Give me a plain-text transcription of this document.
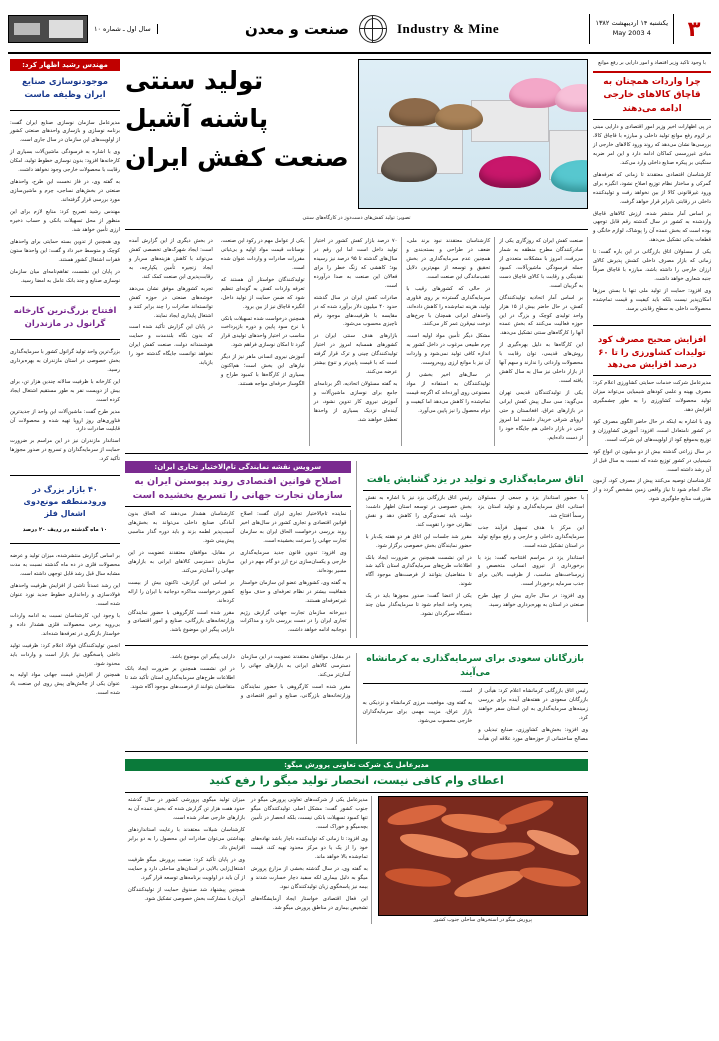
۳
یکشنبه ۱۴ اردیبهشت ۱۳۸۲
4 May 2003
Industry & Mine
صنعت و معدن
سال اول ـ شماره ۱۰
با وجود تاکید وزیر اقتصاد و امور دارایی بر رفع موانع
چرا واردات همچنان به قاچاق کالاهای خارجی ادامه می‌دهند

در پی اظهارات اخیر وزیر امور اقتصادی و دارایی مبنی بر لزوم رفع موانع تولید داخلی و مبارزه با قاچاق کالا، بررسی‌ها نشان می‌دهد که روند ورود کالاهای خارجی از مبادی غیررسمی کماکان ادامه دارد و این امر ضربه سنگینی بر پیکره صنایع داخلی وارد می‌کند.

کارشناسان اقتصادی معتقدند تا زمانی که تعرفه‌های گمرکی و ساختار نظام توزیع اصلاح نشود، انگیزه برای ورود غیرقانونی کالا از بین نخواهد رفت و تولیدکننده داخلی در رقابتی نابرابر قرار خواهد گرفت.

بر اساس آمار منتشر شده، ارزش کالاهای قاچاق واردشده به کشور در سال گذشته رقم قابل توجهی بوده است که بخش عمده آن را پوشاک، لوازم خانگی و قطعات یدکی تشکیل می‌دهد.

یکی از مسئولان اتاق بازرگانی در این باره گفت: تا زمانی که بازار مصرف داخلی کشش پذیرش کالای ارزان خارجی را داشته باشد، مبارزه با قاچاق صرفاً جنبه شعاری خواهد داشت.

وی افزود: حمایت از تولید ملی تنها با بستن مرزها امکان‌پذیر نیست بلکه باید کیفیت و قیمت تمام‌شده محصولات داخلی به سطح رقابتی برسد.

افزایش صحیح مصرف کود تولیدات کشاورزی را تا ۶۰ درصد افزایش می‌دهد

مدیرعامل شرکت خدمات حمایتی کشاورزی اعلام کرد: مصرف بهینه و علمی کودهای شیمیایی می‌تواند میزان تولید محصولات کشاورزی را به طور چشمگیری افزایش دهد.

وی با اشاره به اینکه در حال حاضر الگوی مصرف کود در کشور نامتعادل است، افزود: آموزش کشاورزان و توزیع به‌موقع کود از اولویت‌های این شرکت است.

در سال زراعی گذشته بیش از دو میلیون تن انواع کود شیمیایی در کشور توزیع شده که نسبت به سال قبل از آن رشد داشته است.

کارشناسان توصیه می‌کنند پیش از مصرف کود، آزمون خاک انجام شود تا نیاز واقعی زمین مشخص گردد و از هدررفت منابع جلوگیری شود.

تولید سنتی
پاشنه آشیل
صنعت کفش ایران
تصویر: تولید کفش‌های دست‌دوز در کارگاه‌های سنتی

صنعت کفش ایران که روزگاری یکی از صادرکنندگان مطرح منطقه به شمار می‌رفت، امروز با مشکلات متعددی از جمله فرسودگی ماشین‌آلات، کمبود نقدینگی و رقابت با کالای قاچاق دست به گریبان است.

بر اساس آمار اتحادیه تولیدکنندگان کفش، در حال حاضر بیش از ۱۵ هزار واحد تولیدی کوچک و بزرگ در این حوزه فعالیت می‌کنند که بخش عمده آنها را کارگاه‌های سنتی تشکیل می‌دهد.

این کارگاه‌ها به دلیل بهره‌گیری از روش‌های قدیمی، توان رقابت با محصولات وارداتی را ندارند و سهم آنها از بازار داخلی نیز سال به سال کاهش یافته است.

یکی از تولیدکنندگان قدیمی تهران می‌گوید: سی سال پیش کفش ایرانی در بازارهای عراق، افغانستان و حتی اروپای شرقی خریدار داشت اما امروز حتی در بازار داخلی هم جایگاه خود را از دست داده‌ایم.

کارشناسان معتقدند نبود برند ملی، ضعف در طراحی و بسته‌بندی و همچنین عدم سرمایه‌گذاری در بخش تحقیق و توسعه از مهم‌ترین دلایل عقب‌ماندگی این صنعت است.

در حالی که کشورهای رقیب با سرمایه‌گذاری گسترده بر روی فناوری تولید، هزینه تمام‌شده را کاهش داده‌اند، واحدهای ایرانی همچنان با چرخ‌های دوخت نیم‌قرن عمر کار می‌کنند.

مشکل دیگر تأمین مواد اولیه است. چرم طبیعی مرغوب در داخل کشور به اندازه کافی تولید نمی‌شود و واردات آن نیز با موانع ارزی روبه‌روست.

در سال‌های اخیر بخشی از تولیدکنندگان به استفاده از مواد مصنوعی روی آورده‌اند که اگرچه قیمت تمام‌شده را کاهش می‌دهد اما کیفیت و دوام محصول را نیز پایین می‌آورد.

۷۰ درصد بازار کفش کشور در اختیار تولید داخل است اما این رقم در سال‌های گذشته تا ۹۵ درصد نیز رسیده بود؛ کاهشی که زنگ خطر را برای فعالان این صنعت به صدا درآورده است.

صادرات کفش ایران در سال گذشته حدود ۴۰ میلیون دلار برآورد شده که در مقایسه با ظرفیت‌های موجود رقم ناچیزی محسوب می‌شود.

بازارهای هدف سنتی ایران در کشورهای همسایه امروز در اختیار تولیدکنندگان چینی و ترک قرار گرفته است که با قیمت پایین‌تر و تنوع بیشتر عرضه می‌کنند.

به گفته مسئولان اتحادیه، اگر برنامه‌ای جامع برای نوسازی ماشین‌آلات و آموزش نیروی کار تدوین نشود، در آینده‌ای نزدیک بسیاری از واحدها تعطیل خواهند شد.

یکی از عوامل مهم در رکود این صنعت، نوسانات قیمت مواد اولیه و بی‌ثباتی مقررات صادرات و واردات عنوان شده است.

تولیدکنندگان خواستار آن هستند که تعرفه واردات کفش به گونه‌ای تنظیم شود که ضمن حمایت از تولید داخل، انگیزه قاچاق نیز از بین برود.

همچنین درخواست شده تسهیلات بانکی با نرخ سود پایین و دوره بازپرداخت مناسب در اختیار واحدهای تولیدی قرار گیرد تا امکان نوسازی فراهم شود.

آموزش نیروی انسانی ماهر نیز از دیگر نیازهای این بخش است؛ هم‌اکنون بسیاری از کارگاه‌ها با کمبود طراح و الگوساز حرفه‌ای مواجه هستند.

در بخش دیگری از این گزارش آمده است: ایجاد شهرک‌های تخصصی کفش می‌تواند با کاهش هزینه‌های سربار و ایجاد زنجیره تأمین یکپارچه، به رقابت‌پذیری این صنعت کمک کند.

تجربه کشورهای موفق نشان می‌دهد خوشه‌های صنعتی در حوزه کفش توانسته‌اند صادرات را چند برابر کنند و اشتغال پایداری ایجاد نمایند.

در پایان این گزارش تأکید شده است که بدون نگاه بلندمدت و حمایت هوشمندانه دولت، صنعت کفش ایران نخواهد توانست جایگاه گذشته خود را بازیابد.

اتاق سرمایه‌گذاری و تولید در یزد گشایش یافت

با حضور استاندار یزد و جمعی از مسئولان استانی، اتاق سرمایه‌گذاری و تولید استان یزد رسماً افتتاح شد.

این مرکز با هدف تسهیل فرآیند جذب سرمایه‌گذاری داخلی و خارجی و رفع موانع تولید در استان تشکیل شده است.

استاندار یزد در مراسم افتتاحیه گفت: یزد با برخورداری از نیروی انسانی متخصص و زیرساخت‌های مناسب، از ظرفیت بالایی برای جذب سرمایه برخوردار است.

وی افزود: در سال جاری بیش از چهل طرح صنعتی در استان به بهره‌برداری خواهد رسید.

رئیس اتاق بازرگانی یزد نیز با اشاره به نقش بخش خصوصی در توسعه استان اظهار داشت: دولت باید تصدی‌گری را کاهش دهد و نقش نظارتی خود را تقویت کند.

مقرر شد جلسات این اتاق هر دو هفته یک‌بار با حضور نمایندگان بخش خصوصی برگزار شود.

در این نشست همچنین بر ضرورت ایجاد بانک اطلاعات طرح‌های سرمایه‌گذاری استان تأکید شد تا متقاضیان بتوانند از فرصت‌های موجود آگاه شوند.

یکی از اعضا گفت: صدور مجوزها باید در یک پنجره واحد انجام شود تا سرمایه‌گذار میان چند دستگاه سرگردان نشود.

سرویس نقشه نمایندگی تام‌الاختیار تجاری ایران:
اصلاح قوانین اقتصادی روند پیوستن ایران به سازمان تجارت جهانی را تسریع بخشیده است

نماینده تام‌الاختیار تجاری ایران گفت: اصلاح قوانین اقتصادی و تجاری کشور در سال‌های اخیر روند بررسی درخواست الحاق ایران به سازمان تجارت جهانی را سرعت بخشیده است.

وی افزود: تدوین قانون جدید سرمایه‌گذاری خارجی و یکسان‌سازی نرخ ارز دو گام مهم در این مسیر بوده‌اند.

به گفته وی، کشورهای عضو این سازمان خواستار شفافیت بیشتر در نظام تعرفه‌ای و حذف موانع غیرتعرفه‌ای هستند.

دبیرخانه سازمان تجارت جهانی گزارش رژیم تجاری ایران را در دست بررسی دارد و مذاکرات دوجانبه ادامه خواهد داشت.

کارشناسان هشدار می‌دهند که الحاق بدون آمادگی صنایع داخلی می‌تواند به بخش‌های آسیب‌پذیر لطمه بزند و باید دوره گذار مناسبی پیش‌بینی شود.

در مقابل، موافقان معتقدند عضویت در این سازمان دسترسی کالاهای ایرانی به بازارهای جهانی را آسان‌تر می‌کند.

بر اساس این گزارش، تاکنون بیش از بیست کشور درخواست مذاکره دوجانبه با ایران را ارائه کرده‌اند.

مقرر شده است کارگروهی با حضور نمایندگان وزارتخانه‌های بازرگانی، صنایع و امور اقتصادی و دارایی پیگیر این موضوع باشد.

بازرگانان سعودی برای سرمایه‌گذاری به کرمانشاه می‌آیند

رئیس اتاق بازرگانی کرمانشاه اعلام کرد: هیأتی از بازرگانان سعودی در هفته‌های آینده برای بررسی زمینه‌های سرمایه‌گذاری به این استان سفر خواهند کرد.

وی افزود: بخش‌های کشاورزی، صنایع تبدیلی و مصالح ساختمانی از حوزه‌های مورد علاقه این هیأت است.

به گفته وی، موقعیت مرزی کرمانشاه و نزدیکی به بازار عراق، مزیت مهمی برای سرمایه‌گذاران خارجی محسوب می‌شود.

در مقابل، موافقان معتقدند عضویت در این سازمان دسترسی کالاهای ایرانی به بازارهای جهانی را آسان‌تر می‌کند.

مقرر شده است کارگروهی با حضور نمایندگان وزارتخانه‌های بازرگانی، صنایع و امور اقتصادی و دارایی پیگیر این موضوع باشد.

در این نشست همچنین بر ضرورت ایجاد بانک اطلاعات طرح‌های سرمایه‌گذاری استان تأکید شد تا متقاضیان بتوانند از فرصت‌های موجود آگاه شوند.

مدیرعامل یک شرکت تعاونی پرورش میگو:
اعطای وام کافی نیست، انحصار تولید میگو را رفع کنید
پرورش میگو در استخرهای ساحلی جنوب کشور

مدیرعامل یکی از شرکت‌های تعاونی پرورش میگو در جنوب کشور گفت: مشکل اصلی تولیدکنندگان میگو تنها کمبود تسهیلات بانکی نیست، بلکه انحصار در تأمین بچه‌میگو و خوراک است.

وی افزود: تا زمانی که تولیدکننده ناچار باشد نهاده‌های خود را از یک یا دو مرکز محدود تهیه کند، قیمت تمام‌شده بالا خواهد ماند.

به گفته وی، در سال گذشته بخشی از مزارع پرورش میگو به دلیل بیماری لکه سفید دچار خسارت شدند و بیمه نیز پاسخگوی زیان تولیدکنندگان نبود.

این فعال اقتصادی خواستار ایجاد آزمایشگاه‌های تشخیص بیماری در مناطق پرورش میگو شد.

میزان تولید میگوی پرورشی کشور در سال گذشته حدود هفت هزار تن گزارش شده که بخش عمده آن به بازارهای خارجی صادر شده است.

کارشناسان شیلات معتقدند با رعایت استانداردهای بهداشتی می‌توان صادرات این محصول را به دو برابر افزایش داد.

وی در پایان تأکید کرد: صنعت پرورش میگو ظرفیت اشتغال‌زایی بالایی در استان‌های ساحلی دارد و حمایت از آن باید در اولویت برنامه‌های توسعه قرار گیرد.

همچنین پیشنهاد شد صندوق حمایت از تولیدکنندگان آبزیان با مشارکت بخش خصوصی تشکیل شود.

مهندس رشید اظهار کرد:
موجودنوسازی صنایع ایران وظیفه ماست

مدیرعامل سازمان نوسازی صنایع ایران گفت: برنامه نوسازی و بازسازی واحدهای صنعتی کشور از اولویت‌های این سازمان در سال جاری است.

وی با اشاره به فرسودگی ماشین‌آلات بسیاری از کارخانه‌ها افزود: بدون نوسازی خطوط تولید، امکان رقابت با محصولات خارجی وجود نخواهد داشت.

به گفته وی، در فاز نخست این طرح، واحدهای صنعتی در بخش‌های نساجی، چرم و ماشین‌سازی مورد بررسی قرار گرفته‌اند.

مهندس رشید تصریح کرد: منابع لازم برای این منظور از محل تسهیلات بانکی و حساب ذخیره ارزی تأمین خواهد شد.

وی همچنین از تدوین بسته حمایتی برای واحدهای کوچک و متوسط خبر داد و گفت: این واحدها ستون فقرات اشتغال کشور هستند.

در پایان این نشست، تفاهم‌نامه‌ای میان سازمان نوسازی صنایع و چند بانک عامل به امضا رسید.

افتتاح بزرگ‌ترین کارخانه گرانول در مازندران

بزرگ‌ترین واحد تولید گرانول کشور با سرمایه‌گذاری بخش خصوصی در استان مازندران به بهره‌برداری رسید.

این کارخانه با ظرفیت سالانه چندین هزار تن، برای بیش از دویست نفر به طور مستقیم اشتغال ایجاد کرده است.

مدیر طرح گفت: ماشین‌آلات این واحد از جدیدترین فناوری‌های روز اروپا تهیه شده و محصولات آن قابلیت صادرات دارد.

استاندار مازندران نیز در این مراسم بر ضرورت حمایت از سرمایه‌گذاران و تسریع در صدور مجوزها تأکید کرد.

۴۰ بازار بزرگ در ورودمنطقه مونع‌دوی اشغال فلز
۱۰ ماه گذشته در ردیف ۲۰ درصد

بر اساس گزارش منتشرشده، میزان تولید و عرضه محصولات فلزی در ده ماه گذشته نسبت به مدت مشابه سال قبل رشد قابل توجهی داشته است.

این رشد عمدتاً ناشی از افزایش ظرفیت واحدهای فولادسازی و راه‌اندازی خطوط جدید نورد عنوان شده است.

با وجود این، کارشناسان نسبت به ادامه واردات بی‌رویه برخی محصولات فلزی هشدار داده و خواستار بازنگری در تعرفه‌ها شده‌اند.

انجمن تولیدکنندگان فولاد اعلام کرد: ظرفیت تولید داخلی پاسخگوی نیاز بازار است و واردات باید محدود شود.

همچنین از افزایش قیمت جهانی مواد اولیه به عنوان یکی از چالش‌های پیش روی این صنعت یاد شده است.
